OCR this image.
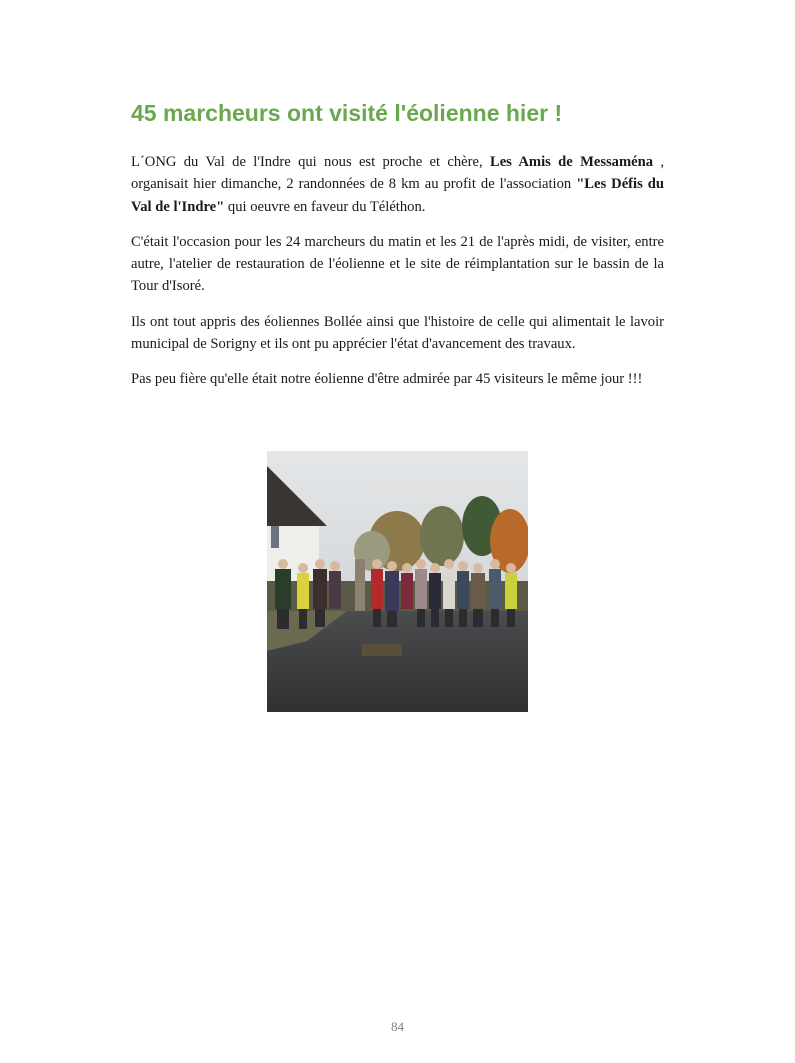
45 marcheurs ont visité l'éolienne hier !

L´ONG du Val de l'Indre qui nous est proche et chère, Les Amis de Messaména , organisait hier dimanche, 2 randonnées de 8 km au profit de l'association "Les Défis du Val de l'Indre" qui oeuvre en faveur du Téléthon.

C'était l'occasion pour les 24 marcheurs du matin et les 21 de l'après midi, de visiter, entre autre, l'atelier de restauration de l'éolienne et le site de réimplantation sur le bassin de la Tour d'Isoré.

Ils ont tout appris des éoliennes Bollée ainsi que l'histoire de celle qui alimentait le lavoir municipal de Sorigny et ils ont pu apprécier l'état d'avancement des travaux.

Pas peu fière qu'elle était notre éolienne d'être admirée par 45 visiteurs le même jour !!!

84
